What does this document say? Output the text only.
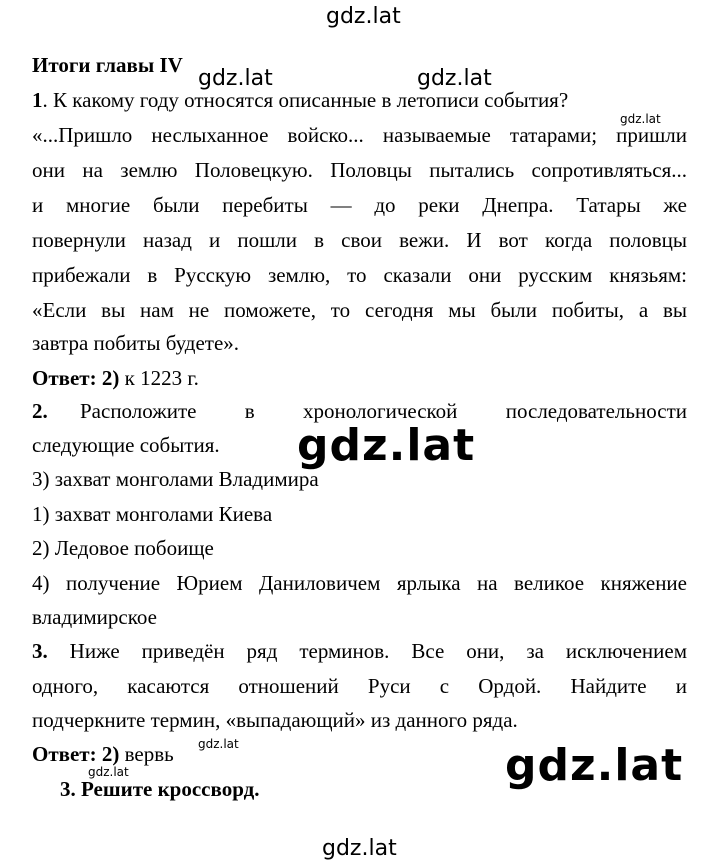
gdz.lat
gdz.lat	gdz.lat
gdz.lat
Итоги главы IV
1. К какому году относятся описанные в летописи события?
«...Пришло неслыханное войско... называемые татарами; пришли
они на землю Половецкую. Половцы пытались сопротивляться...
и многие были перебиты — до реки Днепра. Татары же
повернули назад и пошли в свои вежи. И вот когда половцы
прибежали в Русскую землю, то сказали они русским князьям:
«Если вы нам не поможете, то сегодня мы были побиты, а вы
завтра побиты будете».
Ответ: 2) к 1223 г.
2. Расположите в хронологической последовательности
следующие события.
3) захват монголами Владимира
1) захват монголами Киева
2) Ледовое побоище
4) получение Юрием Даниловичем ярлыка на великое княжение
владимирское
gdz.lat
3. Ниже приведён ряд терминов. Все они, за исключением
одного, касаются отношений Руси с Ордой. Найдите и
подчеркните термин, «выпадающий» из данного ряда.
Ответ: 2) вервь gdz.lat
gdz.lat
3. Решите кроссворд.	gdz.lat
gdz.lat
